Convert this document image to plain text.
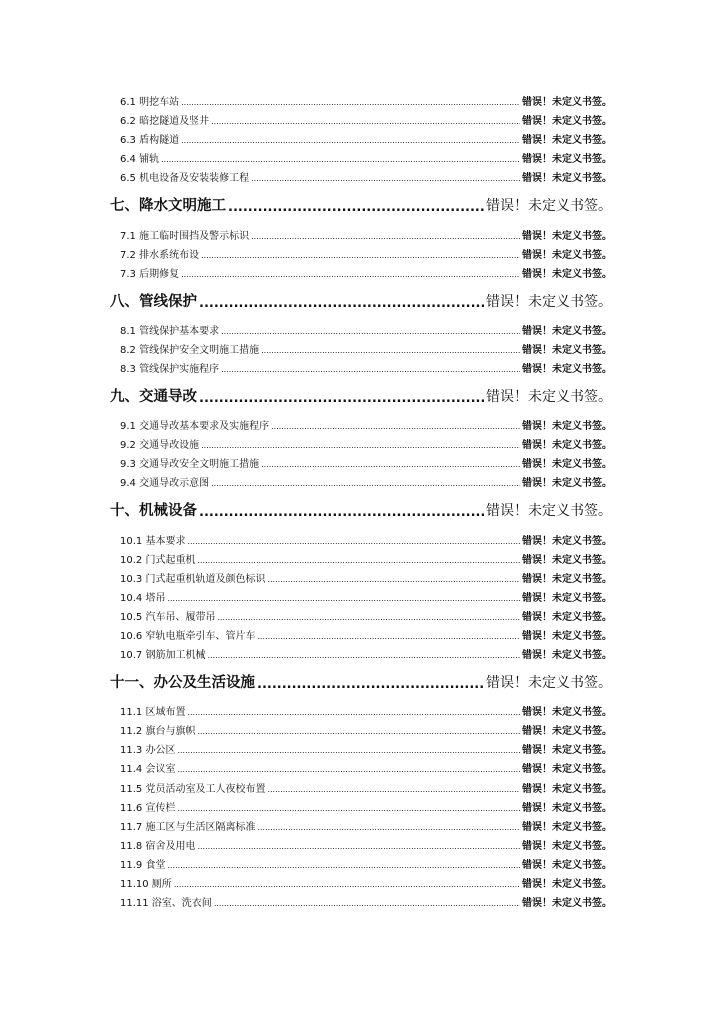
6.1 明挖车站 .....	错误！未定义书签。
6.2 暗挖隧道及竖井 .....	错误！未定义书签。
6.3 盾构隧道 .....	错误！未定义书签。
6.4 铺轨 .....	错误！未定义书签。
6.5 机电设备及安装装修工程 .....	错误！未定义书签。
七、降水文明施工 .....	错误！未定义书签。
7.1 施工临时围挡及警示标识 .....	错误！未定义书签。
7.2 排水系统布设 .....	错误！未定义书签。
7.3 后期修复 .....	错误！未定义书签。
八、管线保护 .....	错误！未定义书签。
8.1 管线保护基本要求 .....	错误！未定义书签。
8.2 管线保护安全文明施工措施 .....	错误！未定义书签。
8.3 管线保护实施程序 .....	错误！未定义书签。
九、交通导改 .....	错误！未定义书签。
9.1 交通导改基本要求及实施程序 .....	错误！未定义书签。
9.2 交通导改设施 .....	错误！未定义书签。
9.3 交通导改安全文明施工措施 .....	错误！未定义书签。
9.4 交通导改示意图 .....	错误！未定义书签。
十、机械设备 .....	错误！未定义书签。
10.1 基本要求 .....	错误！未定义书签。
10.2 门式起重机 .....	错误！未定义书签。
10.3 门式起重机轨道及颜色标识 .....	错误！未定义书签。
10.4 塔吊 .....	错误！未定义书签。
10.5 汽车吊、履带吊 .....	错误！未定义书签。
10.6 窄轨电瓶牵引车、管片车 .....	错误！未定义书签。
10.7 钢筋加工机械 .....	错误！未定义书签。
十一、办公及生活设施 .....	错误！未定义书签。
11.1 区域布置 .....	错误！未定义书签。
11.2 旗台与旗帜 .....	错误！未定义书签。
11.3 办公区 .....	错误！未定义书签。
11.4 会议室 .....	错误！未定义书签。
11.5 党员活动室及工人夜校布置 .....	错误！未定义书签。
11.6 宣传栏 .....	错误！未定义书签。
11.7 施工区与生活区隔离标准 .....	错误！未定义书签。
11.8 宿舍及用电 .....	错误！未定义书签。
11.9 食堂 .....	错误！未定义书签。
11.10 厕所 .....	错误！未定义书签。
11.11 浴室、洗衣间 .....	错误！未定义书签。
